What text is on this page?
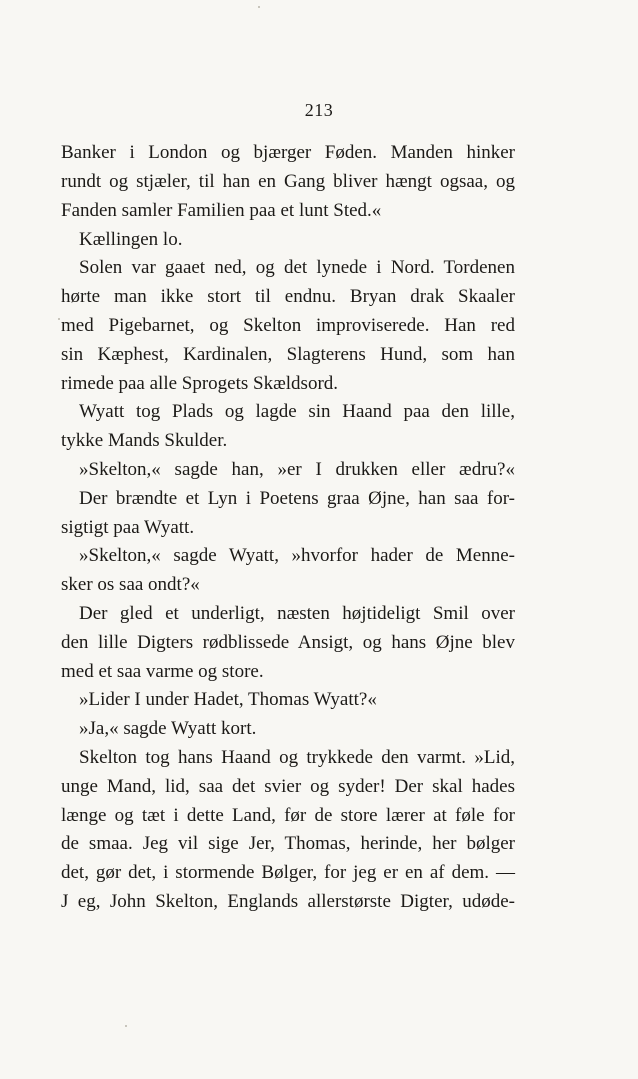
213
Banker i London og bjærger Føden. Manden hinker
rundt og stjæler, til han en Gang bliver hængt ogsaa, og
Fanden samler Familien paa et lunt Sted.«
Kællingen lo.
Solen var gaaet ned, og det lynede i Nord. Tordenen
hørte man ikke stort til endnu. Bryan drak Skaaler
med Pigebarnet, og Skelton improviserede. Han red
sin Kæphest, Kardinalen, Slagterens Hund, som han
rimede paa alle Sprogets Skældsord.
Wyatt tog Plads og lagde sin Haand paa den lille,
tykke Mands Skulder.
»Skelton,« sagde han, »er I drukken eller ædru?«
Der brændte et Lyn i Poetens graa Øjne, han saa for-
sigtigt paa Wyatt.
»Skelton,« sagde Wyatt, »hvorfor hader de Menne-
sker os saa ondt?«
Der gled et underligt, næsten højtideligt Smil over
den lille Digters rødblissede Ansigt, og hans Øjne blev
med et saa varme og store.
»Lider I under Hadet, Thomas Wyatt?«
»Ja,« sagde Wyatt kort.
Skelton tog hans Haand og trykkede den varmt. »Lid,
unge Mand, lid, saa det svier og syder! Der skal hades
længe og tæt i dette Land, før de store lærer at føle for
de smaa. Jeg vil sige Jer, Thomas, herinde, her bølger
det, gør det, i stormende Bølger, for jeg er en af dem. —
J eg, John Skelton, Englands allerstørste Digter, udøde-
